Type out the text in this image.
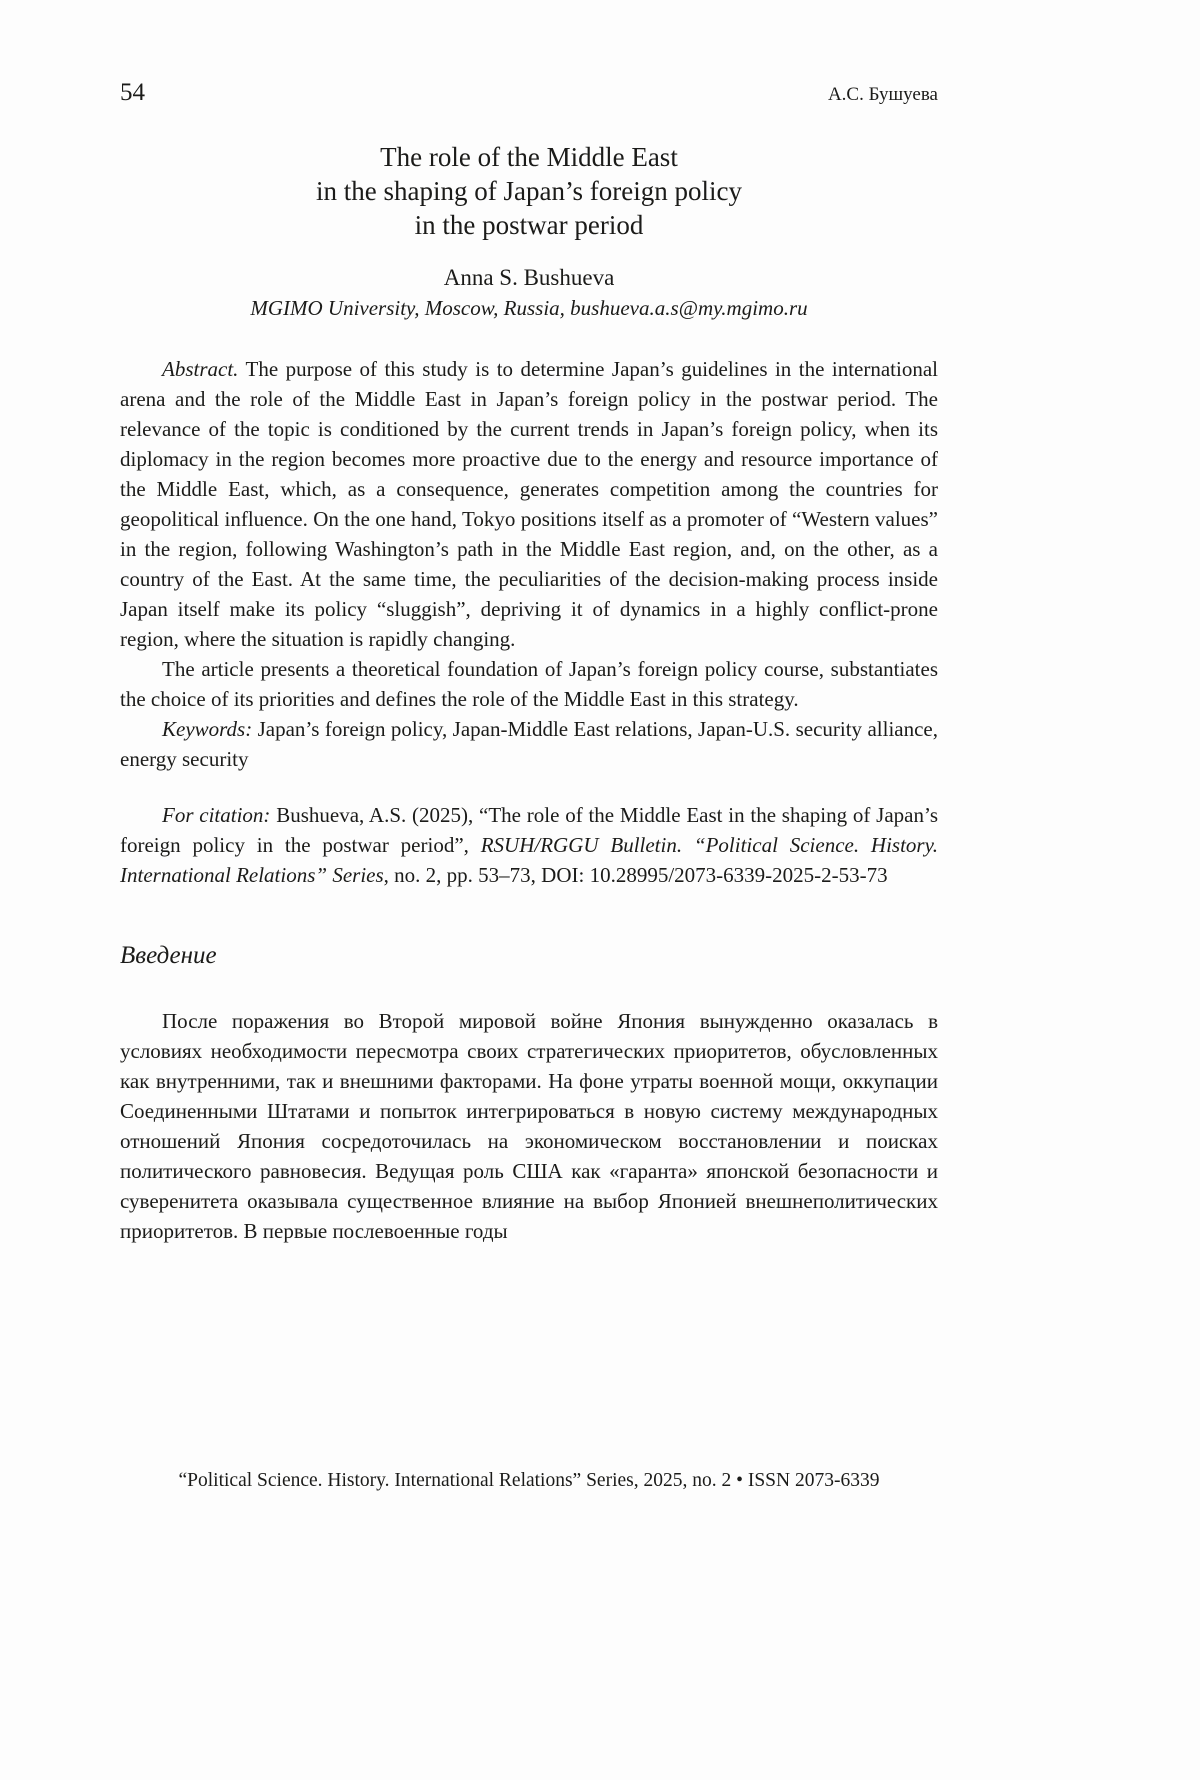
54	А.С. Бушуева
The role of the Middle East
in the shaping of Japan’s foreign policy
in the postwar period
Anna S. Bushueva
MGIMO University, Moscow, Russia, bushueva.a.s@my.mgimo.ru

Abstract. The purpose of this study is to determine Japan’s guidelines in the international arena and the role of the Middle East in Japan’s foreign policy in the postwar period. The relevance of the topic is conditioned by the current trends in Japan’s foreign policy, when its diplomacy in the region becomes more proactive due to the energy and resource importance of the Middle East, which, as a consequence, generates competition among the countries for geopolitical influence. On the one hand, Tokyo positions itself as a promoter of “Western values” in the region, following Washington’s path in the Middle East region, and, on the other, as a country of the East. At the same time, the peculiarities of the decision-making process inside Japan itself make its policy “sluggish”, depriving it of dynamics in a highly conflict-prone region, where the situation is rapidly changing.

The article presents a theoretical foundation of Japan’s foreign policy course, substantiates the choice of its priorities and defines the role of the Middle East in this strategy.

Keywords: Japan’s foreign policy, Japan-Middle East relations, Japan-U.S. security alliance, energy security

For citation: Bushueva, A.S. (2025), “The role of the Middle East in the shaping of Japan’s foreign policy in the postwar period”, RSUH/RGGU Bulletin. “Political Science. History. International Relations” Series, no. 2, pp. 53–73, DOI: 10.28995/2073-6339-2025-2-53-73

Введение

После поражения во Второй мировой войне Япония вынужденно оказалась в условиях необходимости пересмотра своих стратегических приоритетов, обусловленных как внутренними, так и внешними факторами. На фоне утраты военной мощи, оккупации Соединенными Штатами и попыток интегрироваться в новую систему международных отношений Япония сосредоточилась на экономическом восстановлении и поисках политического равновесия. Ведущая роль США как «гаранта» японской безопасности и суверенитета оказывала существенное влияние на выбор Японией внешнеполитических приоритетов. В первые послевоенные годы

“Political Science. History. International Relations” Series, 2025, no. 2 • ISSN 2073-6339
